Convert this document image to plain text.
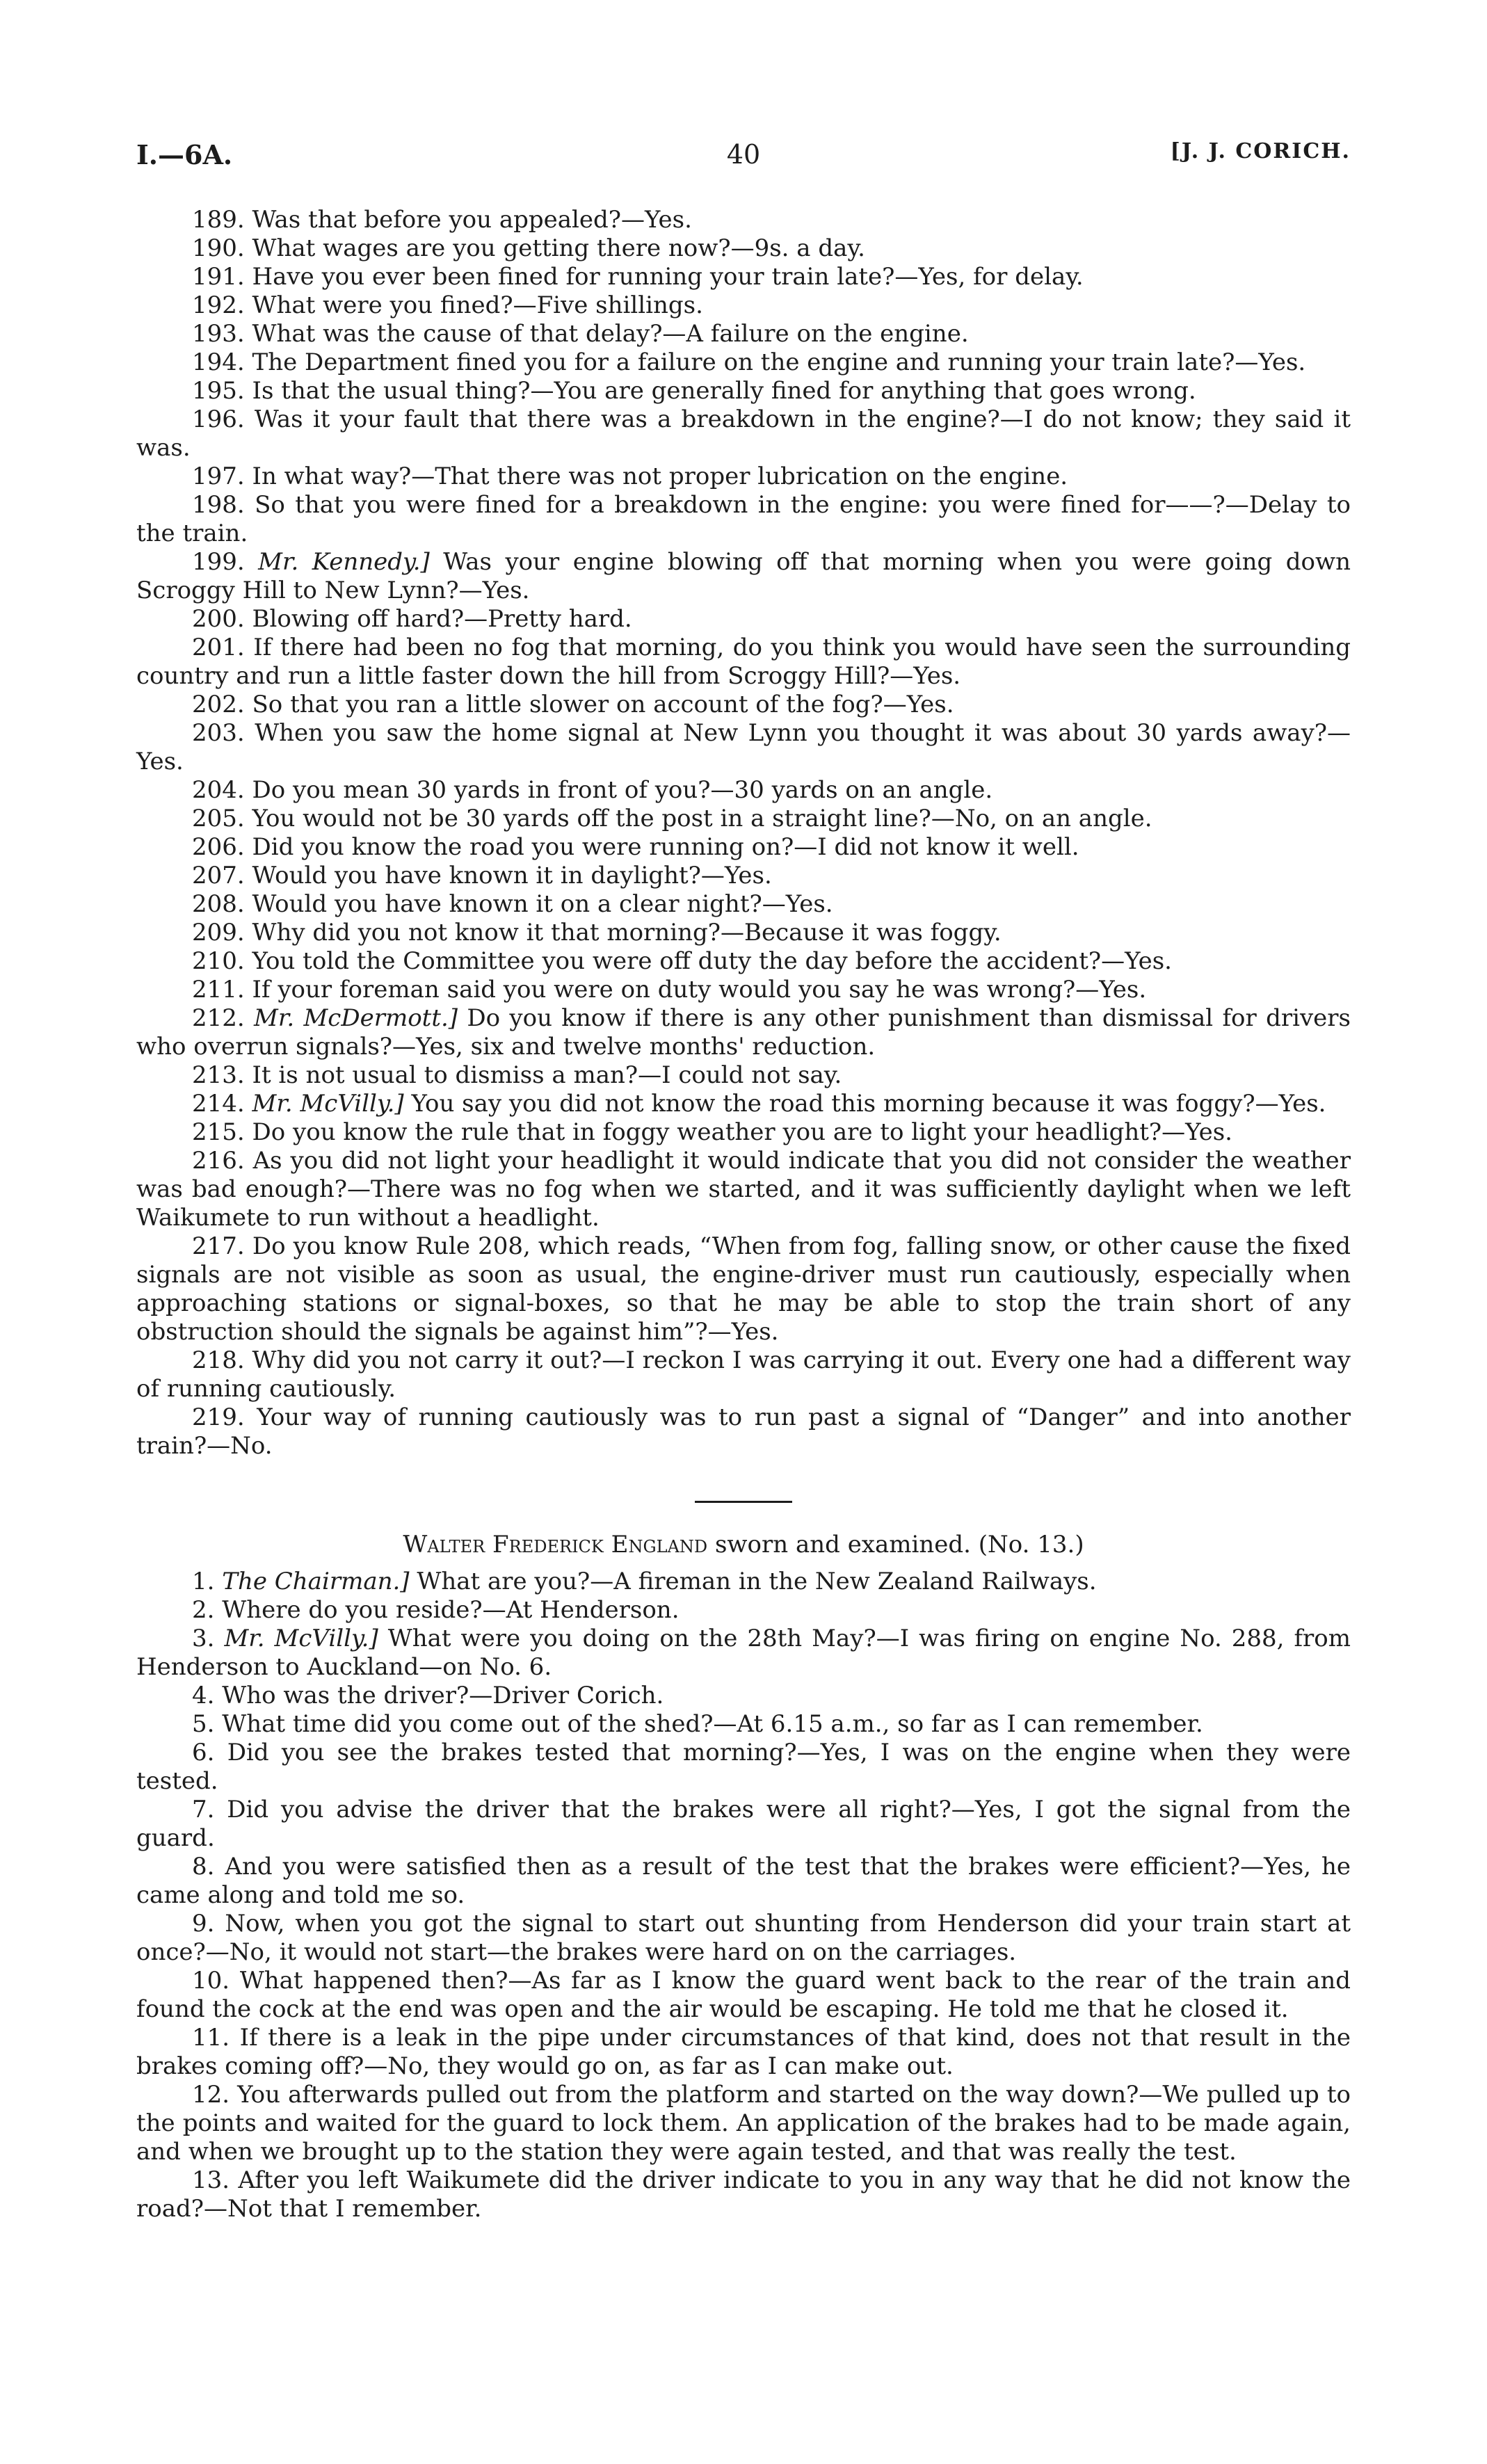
I.—6A.	40	[J. J. CORICH.

189. Was that before you appealed?—Yes.

190. What wages are you getting there now?—9s. a day.

191. Have you ever been fined for running your train late?—Yes, for delay.

192. What were you fined?—Five shillings.

193. What was the cause of that delay?—A failure on the engine.

194. The Department fined you for a failure on the engine and running your train late?—Yes.

195. Is that the usual thing?—You are generally fined for anything that goes wrong.

196. Was it your fault that there was a breakdown in the engine?—I do not know; they said it was.

197. In what way?—That there was not proper lubrication on the engine.

198. So that you were fined for a breakdown in the engine: you were fined for——?—Delay to the train.

199. Mr. Kennedy.] Was your engine blowing off that morning when you were going down Scroggy Hill to New Lynn?—Yes.

200. Blowing off hard?—Pretty hard.

201. If there had been no fog that morning, do you think you would have seen the surrounding country and run a little faster down the hill from Scroggy Hill?—Yes.

202. So that you ran a little slower on account of the fog?—Yes.

203. When you saw the home signal at New Lynn you thought it was about 30 yards away?—Yes.

204. Do you mean 30 yards in front of you?—30 yards on an angle.

205. You would not be 30 yards off the post in a straight line?—No, on an angle.

206. Did you know the road you were running on?—I did not know it well.

207. Would you have known it in daylight?—Yes.

208. Would you have known it on a clear night?—Yes.

209. Why did you not know it that morning?—Because it was foggy.

210. You told the Committee you were off duty the day before the accident?—Yes.

211. If your foreman said you were on duty would you say he was wrong?—Yes.

212. Mr. McDermott.] Do you know if there is any other punishment than dismissal for drivers who overrun signals?—Yes, six and twelve months' reduction.

213. It is not usual to dismiss a man?—I could not say.

214. Mr. McVilly.] You say you did not know the road this morning because it was foggy?—Yes.

215. Do you know the rule that in foggy weather you are to light your headlight?—Yes.

216. As you did not light your headlight it would indicate that you did not consider the weather was bad enough?—There was no fog when we started, and it was sufficiently daylight when we left Waikumete to run without a headlight.

217. Do you know Rule 208, which reads, “When from fog, falling snow, or other cause the fixed signals are not visible as soon as usual, the engine-driver must run cautiously, especially when approaching stations or signal-boxes, so that he may be able to stop the train short of any obstruction should the signals be against him”?—Yes.

218. Why did you not carry it out?—I reckon I was carrying it out. Every one had a different way of running cautiously.

219. Your way of running cautiously was to run past a signal of “Danger” and into another train?—No.

Walter Frederick England sworn and examined. (No. 13.)

1. The Chairman.] What are you?—A fireman in the New Zealand Railways.

2. Where do you reside?—At Henderson.

3. Mr. McVilly.] What were you doing on the 28th May?—I was firing on engine No. 288, from Henderson to Auckland—on No. 6.

4. Who was the driver?—Driver Corich.

5. What time did you come out of the shed?—At 6.15 a.m., so far as I can remember.

6. Did you see the brakes tested that morning?—Yes, I was on the engine when they were tested.

7. Did you advise the driver that the brakes were all right?—Yes, I got the signal from the guard.

8. And you were satisfied then as a result of the test that the brakes were efficient?—Yes, he came along and told me so.

9. Now, when you got the signal to start out shunting from Henderson did your train start at once?—No, it would not start—the brakes were hard on on the carriages.

10. What happened then?—As far as I know the guard went back to the rear of the train and found the cock at the end was open and the air would be escaping. He told me that he closed it.

11. If there is a leak in the pipe under circumstances of that kind, does not that result in the brakes coming off?—No, they would go on, as far as I can make out.

12. You afterwards pulled out from the platform and started on the way down?—We pulled up to the points and waited for the guard to lock them. An application of the brakes had to be made again, and when we brought up to the station they were again tested, and that was really the test.

13. After you left Waikumete did the driver indicate to you in any way that he did not know the road?—Not that I remember.
